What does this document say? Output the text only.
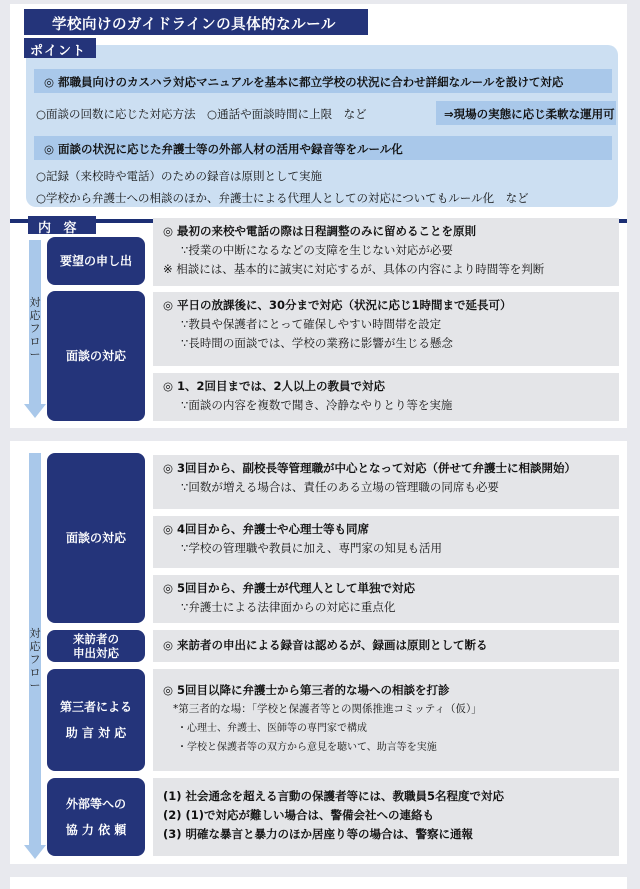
学校向けのガイドラインの具体的なルール
ポイント
◎ 都職員向けのカスハラ対応マニュアルを基本に都立学校の状況に合わせ詳細なルールを設けて対応
○面談の回数に応じた対応方法　○通話や面談時間に上限　など	⇒現場の実態に応じ柔軟な運用可
◎ 面談の状況に応じた弁護士等の外部人材の活用や録音等をルール化
○記録（来校時や電話）のための録音は原則として実施
○学校から弁護士への相談のほか、弁護士による代理人としての対応についてもルール化　など
内 容
対応フロー
要望の申し出
面談の対応
◎ 最初の来校や電話の際は日程調整のみに留めることを原則
∵授業の中断になるなどの支障を生じない対応が必要
※ 相談には、基本的に誠実に対応するが、具体の内容により時間等を判断
◎ 平日の放課後に、30分まで対応（状況に応じ1時間まで延長可）
∵教員や保護者にとって確保しやすい時間帯を設定
∵長時間の面談では、学校の業務に影響が生じる懸念
◎ 1、2回目までは、2人以上の教員で対応
∵面談の内容を複数で聞き、冷静なやりとり等を実施
対応フロー
面談の対応
来訪者の
申出対応
第三者による
助 言 対 応
外部等への
協 力 依 頼
◎ 3回目から、副校長等管理職が中心となって対応（併せて弁護士に相談開始）
∵回数が増える場合は、責任のある立場の管理職の同席も必要
◎ 4回目から、弁護士や心理士等も同席
∵学校の管理職や教員に加え、専門家の知見も活用
◎ 5回目から、弁護士が代理人として単独で対応
∵弁護士による法律面からの対応に重点化
◎ 来訪者の申出による録音は認めるが、録画は原則として断る
◎ 5回目以降に弁護士から第三者的な場への相談を打診
*第三者的な場：「学校と保護者等との関係推進コミッティ（仮）」
・心理士、弁護士、医師等の専門家で構成
・学校と保護者等の双方から意見を聴いて、助言等を実施
(1) 社会通念を超える言動の保護者等には、教職員5名程度で対応
(2) (1)で対応が難しい場合は、警備会社への連絡も
(3) 明確な暴言と暴力のほか居座り等の場合は、警察に通報
